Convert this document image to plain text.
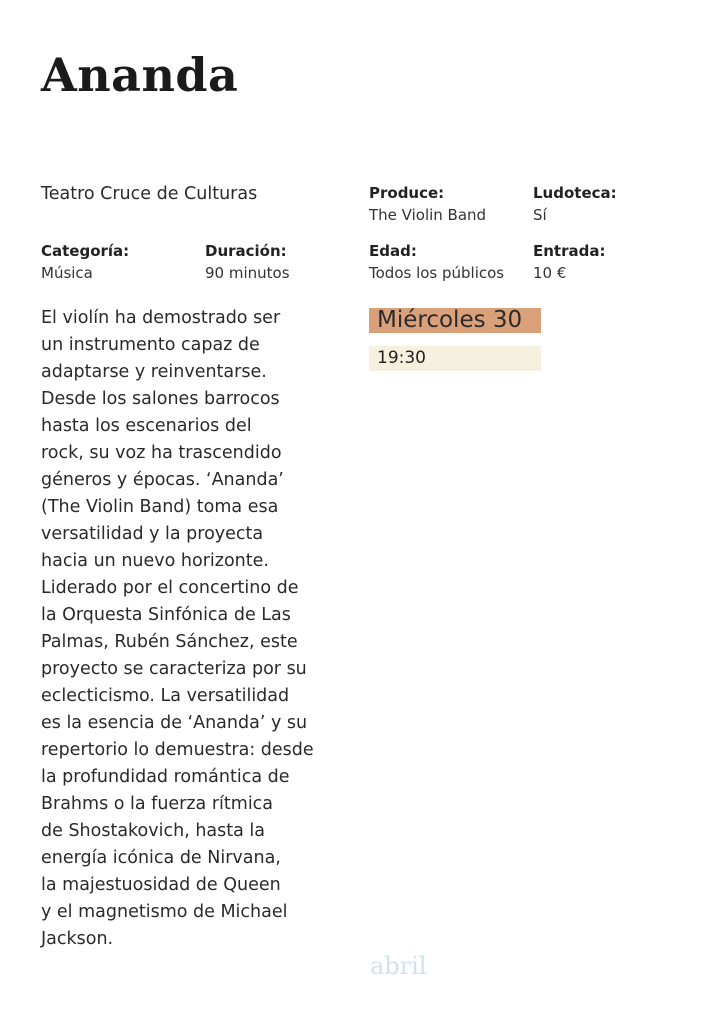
Ananda
Teatro Cruce de Culturas	Produce:
The Violin Band
Ludoteca:
Sí
Categoría:
Música
Duración:
90 minutos
Edad:
Todos los públicos
Entrada:
10 €
El violín ha demostrado ser
un instrumento capaz de
adaptarse y reinventarse.
Desde los salones barrocos
hasta los escenarios del
rock, su voz ha trascendido
géneros y épocas. ‘Ananda’
(The Violin Band) toma esa
versatilidad y la proyecta
hacia un nuevo horizonte.
Liderado por el concertino de
la Orquesta Sinfónica de Las
Palmas, Rubén Sánchez, este
proyecto se caracteriza por su
eclecticismo. La versatilidad
es la esencia de ‘Ananda’ y su
repertorio lo demuestra: desde
la profundidad romántica de
Brahms o la fuerza rítmica
de Shostakovich, hasta la
energía icónica de Nirvana,
la majestuosidad de Queen
y el magnetismo de Michael
Jackson.
Miércoles 30
19:30
abril
